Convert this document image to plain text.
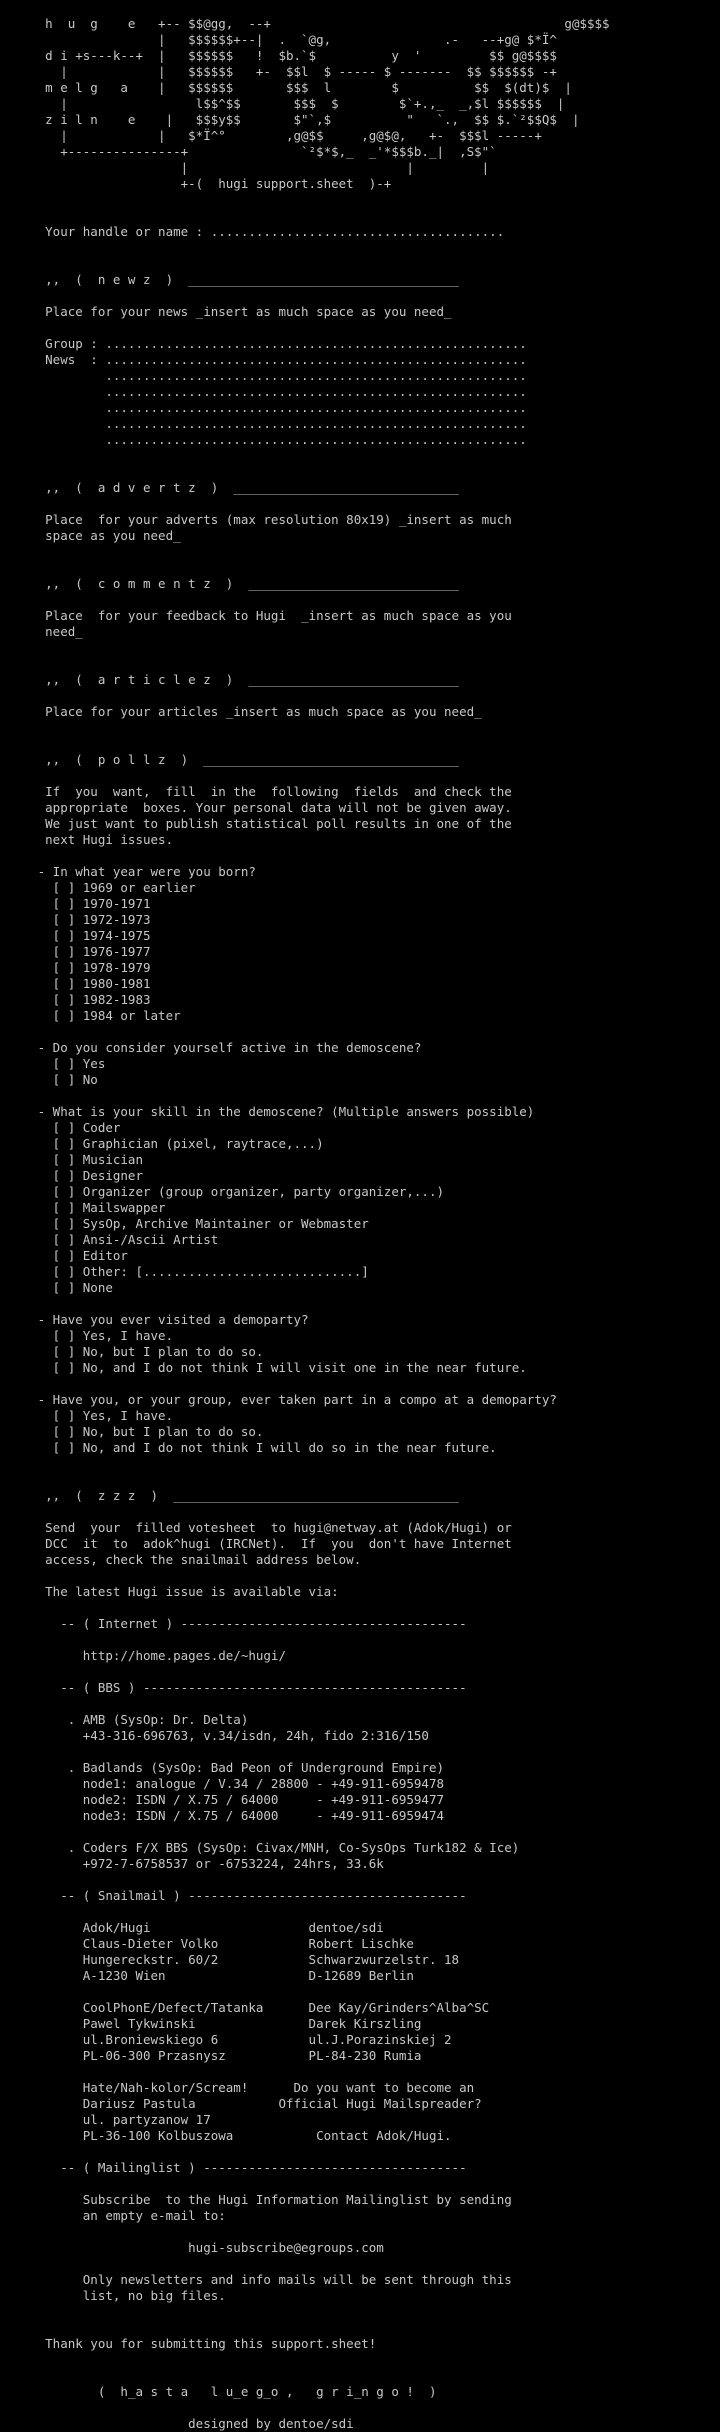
h  u  g    e   +-- $$@gg,  --+                                       g@$$$$
|   $$$$$$+--|  .  `@g,               .-   --+g@ $*Ï^
d i +s---k--+  |   $$$$$$   !  $b.`$          y  '         $$ g@$$$$
|            |   $$$$$$   +-  $$l  $ ----- $ -------  $$ $$$$$$ -+
m e l g   a    |   $$$$$$       $$$  l        $          $$  $(dt)$  |
|                 l$$^$$       $$$  $        $`+.,_  _,$l $$$$$$  |
z i l n    e    |   $$$y$$       $"`,$          "   `.,  $$ $.`²$$Q$  |
|            |   $*Ï^°        ,g@$$     ,g@$@,   +-  $$$l -----+
+---------------+               `²$*$,_  _'*$$$b._|  ,S$"`
|                             |         |
+-(  hugi support.sheet  )-+
Your handle or name : .......................................
,,  (  n e w z  )  ____________________________________
Place for your news _insert as much space as you need_
Group : ........................................................
News  : ........................................................
........................................................
........................................................
........................................................
........................................................
........................................................
,,  (  a d v e r t z  )  ______________________________
Place  for your adverts (max resolution 80x19) _insert as much
space as you need_
,,  (  c o m m e n t z  )  ____________________________
Place  for your feedback to Hugi  _insert as much space as you
need_
,,  (  a r t i c l e z  )  ____________________________
Place for your articles _insert as much space as you need_
,,  (  p o l l z  )  __________________________________
If  you  want,  fill  in the  following  fields  and check the
appropriate  boxes. Your personal data will not be given away.
We just want to publish statistical poll results in one of the
next Hugi issues.
- In what year were you born?
[ ] 1969 or earlier
[ ] 1970-1971
[ ] 1972-1973
[ ] 1974-1975
[ ] 1976-1977
[ ] 1978-1979
[ ] 1980-1981
[ ] 1982-1983
[ ] 1984 or later
- Do you consider yourself active in the demoscene?
[ ] Yes
[ ] No
- What is your skill in the demoscene? (Multiple answers possible)
[ ] Coder
[ ] Graphician (pixel, raytrace,...)
[ ] Musician
[ ] Designer
[ ] Organizer (group organizer, party organizer,...)
[ ] Mailswapper
[ ] SysOp, Archive Maintainer or Webmaster
[ ] Ansi-/Ascii Artist
[ ] Editor
[ ] Other: [.............................]
[ ] None
- Have you ever visited a demoparty?
[ ] Yes, I have.
[ ] No, but I plan to do so.
[ ] No, and I do not think I will visit one in the near future.
- Have you, or your group, ever taken part in a compo at a demoparty?
[ ] Yes, I have.
[ ] No, but I plan to do so.
[ ] No, and I do not think I will do so in the near future.
,,  (  z z z  )  ______________________________________
Send  your  filled votesheet  to hugi@netway.at (Adok/Hugi) or
DCC  it  to  adok^hugi (IRCNet).  If  you  don't have Internet
access, check the snailmail address below.
The latest Hugi issue is available via:
-- ( Internet ) --------------------------------------
http://home.pages.de/~hugi/
-- ( BBS ) -------------------------------------------
. AMB (SysOp: Dr. Delta)
+43-316-696763, v.34/isdn, 24h, fido 2:316/150
. Badlands (SysOp: Bad Peon of Underground Empire)
node1: analogue / V.34 / 28800 - +49-911-6959478
node2: ISDN / X.75 / 64000     - +49-911-6959477
node3: ISDN / X.75 / 64000     - +49-911-6959474
. Coders F/X BBS (SysOp: Civax/MNH, Co-SysOps Turk182 & Ice)
+972-7-6758537 or -6753224, 24hrs, 33.6k
-- ( Snailmail ) -------------------------------------
Adok/Hugi                     dentoe/sdi
Claus-Dieter Volko            Robert Lischke
Hungereckstr. 60/2            Schwarzwurzelstr. 18
A-1230 Wien                   D-12689 Berlin
CoolPhonE/Defect/Tatanka      Dee Kay/Grinders^Alba^SC
Pawel Tykwinski               Darek Kirszling
ul.Broniewskiego 6            ul.J.Porazinskiej 2
PL-06-300 Przasnysz           PL-84-230 Rumia
Hate/Nah-kolor/Scream!      Do you want to become an
Dariusz Pastula           Official Hugi Mailspreader?
ul. partyzanow 17
PL-36-100 Kolbuszowa           Contact Adok/Hugi.
-- ( Mailinglist ) -----------------------------------
Subscribe  to the Hugi Information Mailinglist by sending
an empty e-mail to:
hugi-subscribe@egroups.com
Only newsletters and info mails will be sent through this
list, no big files.
Thank you for submitting this support.sheet!
(  h_a s t a   l u_e g_o ,   g r i_n g o !  )
designed by dentoe/sdi
